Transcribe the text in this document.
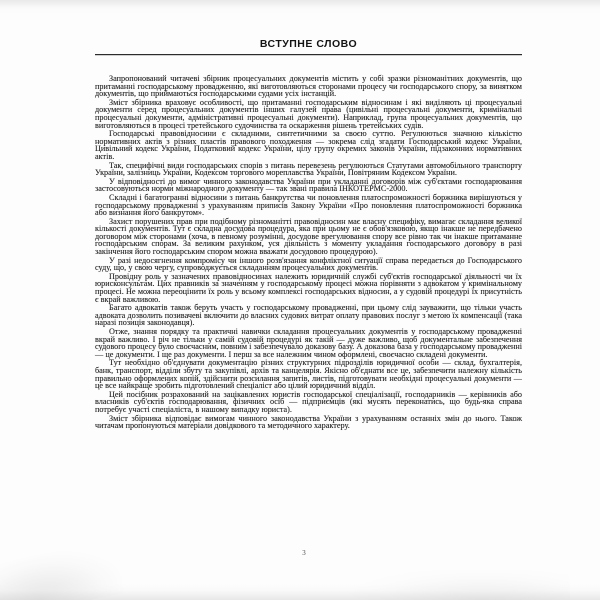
ВСТУПНЕ СЛОВО

Запропонований читачеві збірник процесуальних документів містить у собі зразки різноманітних документів, що притаманні господарському провадженню, які виготовляються сторонами процесу чи господарського спору, за винятком документів, що приймаються господарськими судами усіх інстанцій.

Зміст збірника враховує особливості, що притаманні господарським відносинам і які виділяють ці процесуальні документи серед процесуальних документів інших галузей права (цивільні процесуальні документи, кримінальні процесуальні документи, адміністративні процесуальні документи). Наприклад, група процесуальних документів, що виготовляються в процесі третейського судочинства та оскарження рішень третейських судів.

Господарські правовідносини є складними, синтетичними за своєю суттю. Регулюються значною кількістю нормативних актів з різних пластів правового походження — зокрема слід згадати Господарський кодекс України, Цивільний кодекс України, Податковий кодекс України, цілу групу окремих законів України, підзаконних нормативних актів.

Так, специфічні види господарських спорів з питань перевезень регулюються Статутами автомобільного транспорту України, залізниць України, Кодексом торгового мореплавства України, Повітряним Кодексом України.

У відповідності до вимог чинного законодавства України при укладанні договорів між суб'єктами господарювання застосовуються норми міжнародного документу — так звані правила ІНКОТЕРМС-2000.

Складні і багатогранні відносини з питань банкрутства чи поновлення платоспроможності боржника вирішуються у господарському провадженні з урахуванням приписів Закону України «Про поновлення платоспроможності боржника або визнання його банкрутом».

Захист порушених прав при подібному різноманітті правовідносин має власну специфіку, вимагає складання великої кількості документів. Тут є складна досудова процедура, яка при цьому не є обов'язковою, якщо інакше не передбачено договором між сторонами (хоча, в певному розумінні, досудове врегулювання спору все рівно так чи інакше притаманне господарським спорам. За великим рахунком, уся діяльність з моменту укладання господарського договору в разі закінчення його господарським спором можна вважати досудовою процедурою).

У разі недосягнення компромісу чи іншого розв'язання конфліктної ситуації справа передається до Господарського суду, що, у свою чергу, супроводжується складанням процесуальних документів.

Провідну роль у зазначених правовідносинах належить юридичній службі суб'єктів господарської діяльності чи їх юрисконсультам. Цих правників за значенням у господарському процесі можна порівняти з адвокатом у кримінальному процесі. Не можна переоцінити їх роль у всьому комплексі господарських відносин, а у судовій процедурі їх присутність є вкрай важливою.

Багато адвокатів також беруть участь у господарському провадженні, при цьому слід зауважити, що тільки участь адвоката дозволить позивачеві включити до власних судових витрат оплату правових послуг з метою їх компенсації (така наразі позиція законодавця).

Отже, знання порядку та практичні навички складання процесуальних документів у господарському провадженні вкрай важливо. І річ не тільки у самій судовій процедурі як такій — дуже важливо, щоб документальне забезпечення судового процесу було своєчасним, повним і забезпечувало доказову базу. А доказова база у господарському провадженні — це документи. І ще раз документи. І перш за все належним чином оформлені, своєчасно складені документи.

Тут необхідно об'єднувати документацію різних структурних підрозділів юридичної особи — склад, бухгалтерія, банк, транспорт, відділи збуту та закупівлі, архів та канцелярія. Якісно об'єднати все це, забезпечити належну кількість правильно оформлених копій, здійснити розсилання запитів, листів, підготовувати необхідні процесуальні документи — це все найкраще зробить підготовлений спеціаліст або цілий юридичний відділ.

Цей посібник розрахований на зацікавлених юристів господарської спеціалізації, господарників — керівників або власників суб'єктів господарювання, фізичних осіб — підприємців (які мусять переконатись, що будь-яка справа потребує участі спеціаліста, в нашому випадку юриста).

Зміст збірника відповідає вимогам чинного законодавства України з урахуванням останніх змін до нього. Також читачам пропонуються матеріали довідкового та методичного характеру.

3
